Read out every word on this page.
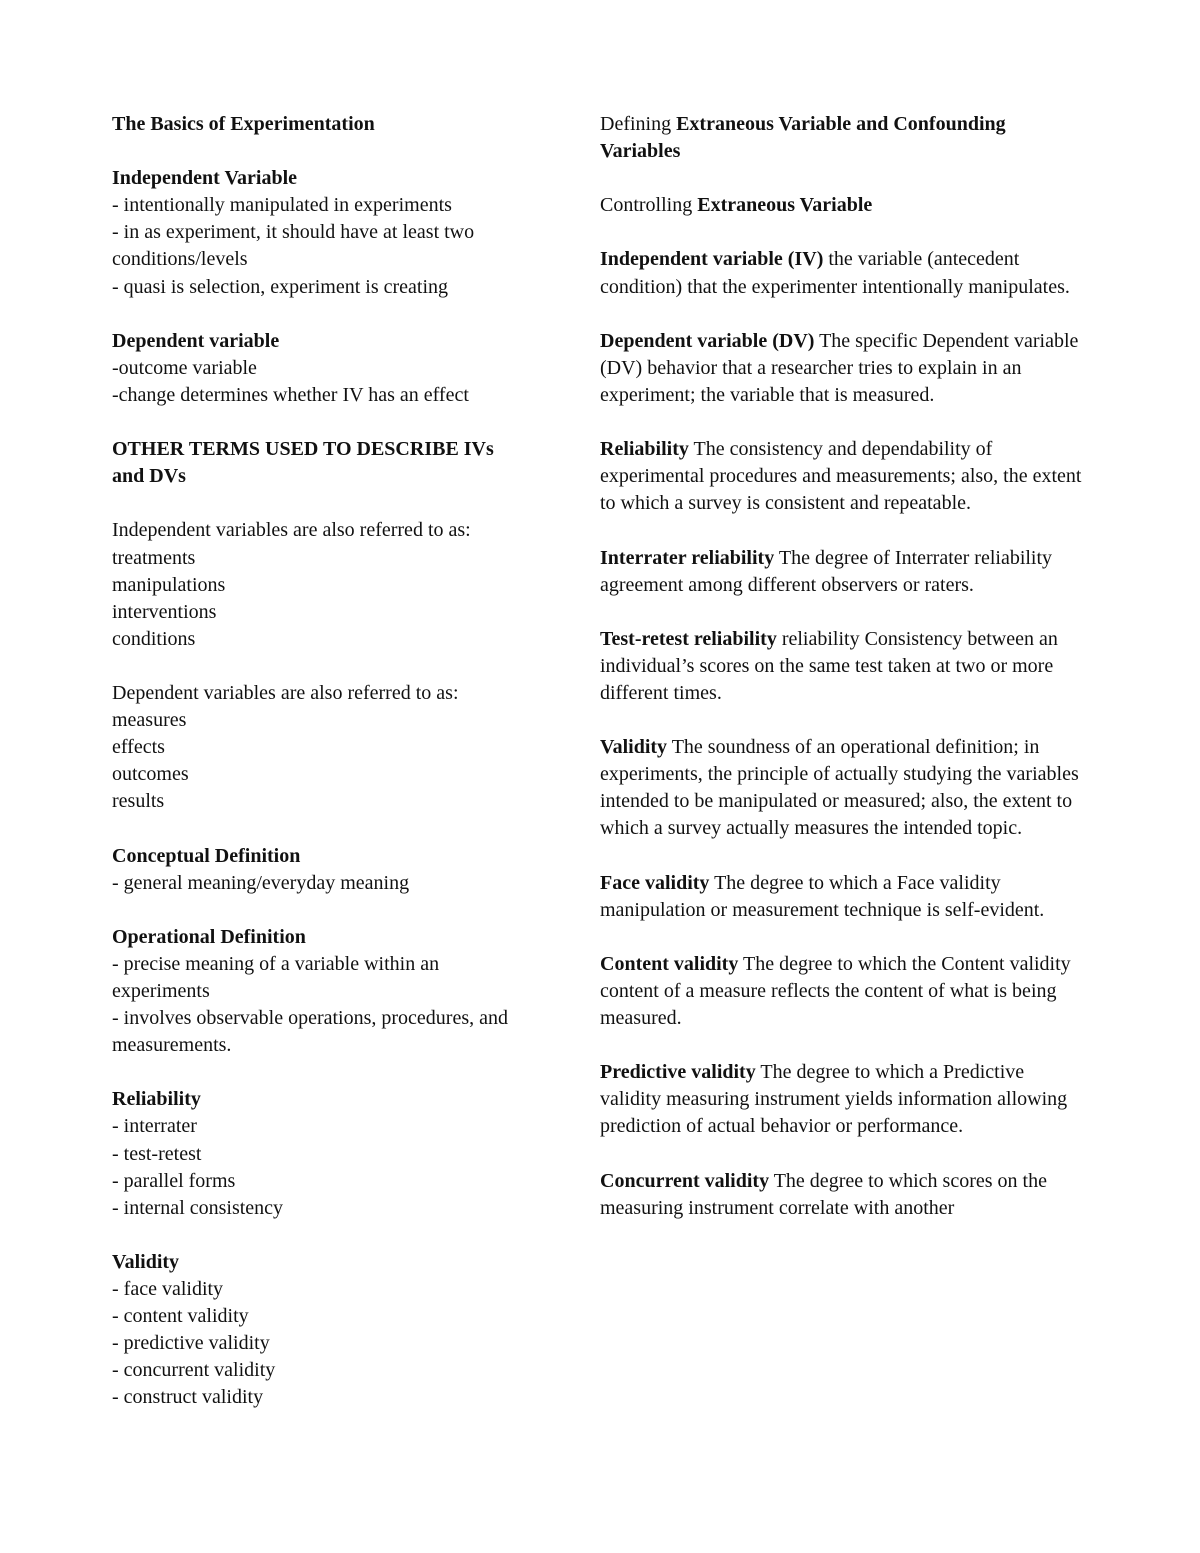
The Basics of Experimentation
Independent Variable
- intentionally manipulated in experiments
- in as experiment, it should have at least two
conditions/levels
- quasi is selection, experiment is creating
Dependent variable
-outcome variable
-change determines whether IV has an effect
OTHER TERMS USED TO DESCRIBE IVs
and DVs
Independent variables are also referred to as:
treatments
manipulations
interventions
conditions
Dependent variables are also referred to as:
measures
effects
outcomes
results
Conceptual Definition
- general meaning/everyday meaning
Operational Definition
- precise meaning of a variable within an
experiments
- involves observable operations, procedures, and
measurements.
Reliability
- interrater
- test-retest
- parallel forms
- internal consistency
Validity
- face validity
- content validity
- predictive validity
- concurrent validity
- construct validity

Defining Extraneous Variable and Confounding Variables

Controlling Extraneous Variable

Independent variable (IV) the variable (antecedent condition) that the experimenter intentionally manipulates.

Dependent variable (DV) The specific Dependent variable (DV) behavior that a researcher tries to explain in an experiment; the variable that is measured.

Reliability The consistency and dependability of experimental procedures and measurements; also, the extent to which a survey is consistent and repeatable.

Interrater reliability The degree of Interrater reliability agreement among different observers or raters.

Test-retest reliability reliability Consistency between an individual’s scores on the same test taken at two or more different times.

Validity The soundness of an operational definition; in experiments, the principle of actually studying the variables intended to be manipulated or measured; also, the extent to which a survey actually measures the intended topic.

Face validity The degree to which a Face validity manipulation or measurement technique is self-evident.

Content validity The degree to which the Content validity content of a measure reflects the content of what is being measured.

Predictive validity The degree to which a Predictive validity measuring instrument yields information allowing prediction of actual behavior or performance.

Concurrent validity The degree to which scores on the measuring instrument correlate with another
